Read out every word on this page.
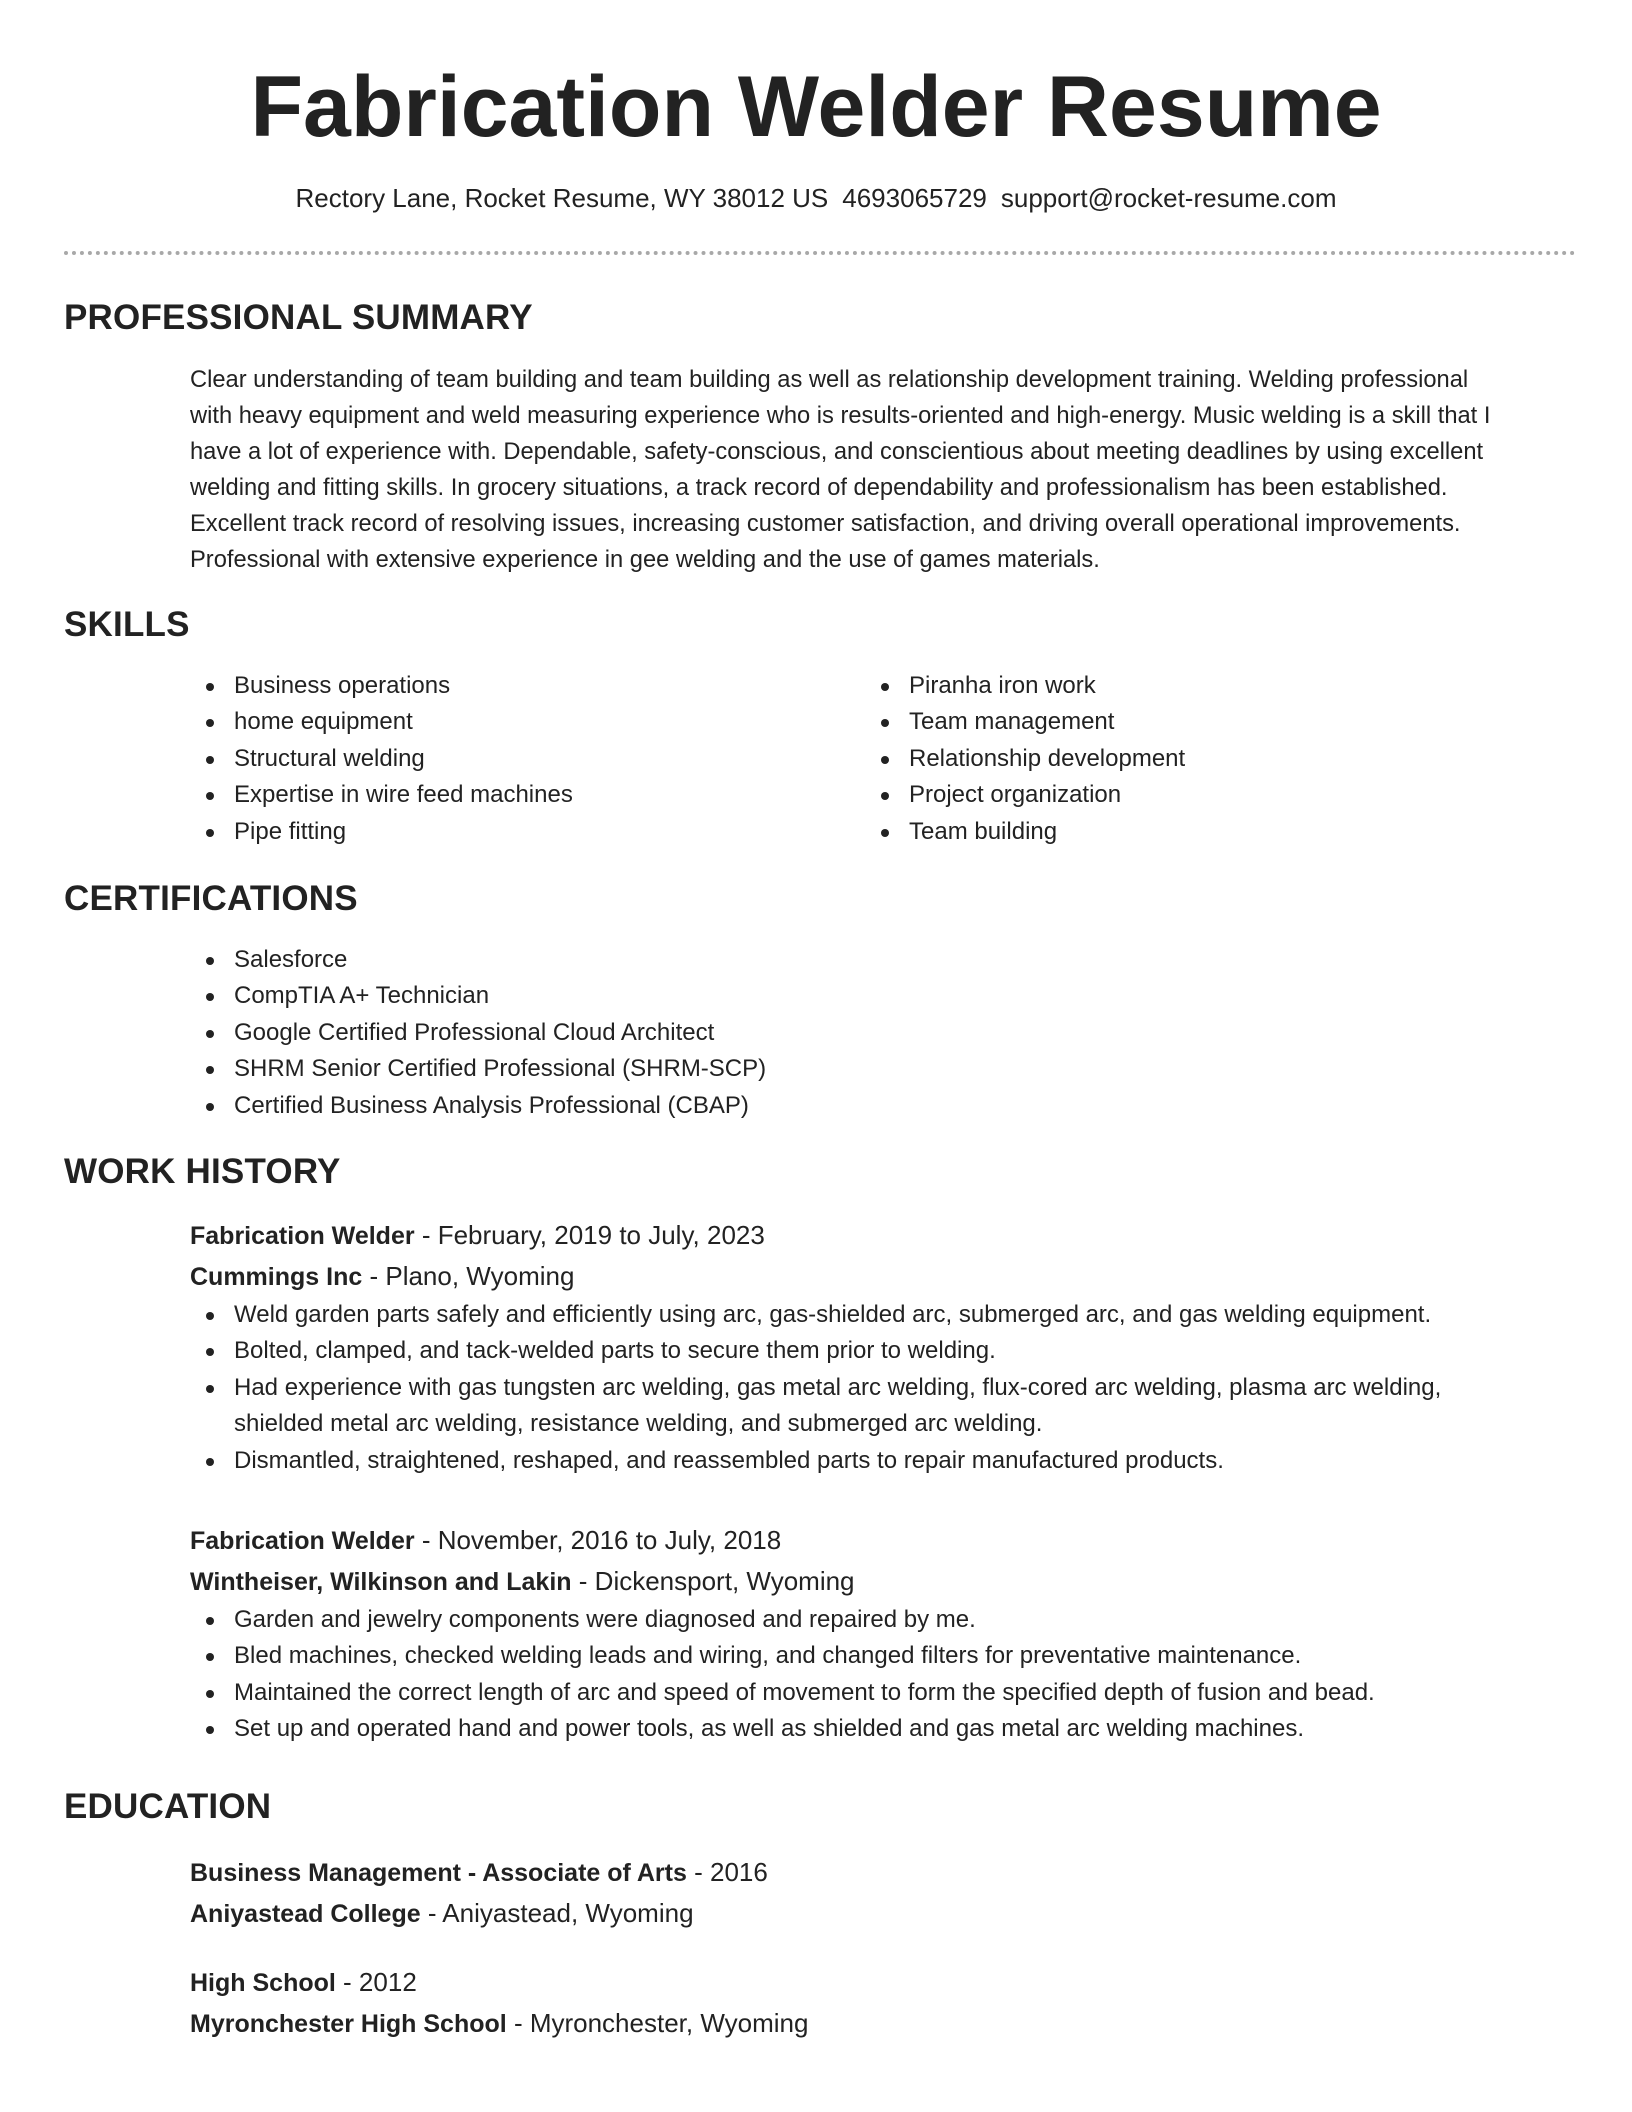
Fabrication Welder Resume
Rectory Lane, Rocket Resume, WY 38012 US 4693065729 support@rocket-resume.com
PROFESSIONAL SUMMARY

Clear understanding of team building and team building as well as relationship development training. Welding professional

with heavy equipment and weld measuring experience who is results-oriented and high-energy. Music welding is a skill that I

have a lot of experience with. Dependable, safety-conscious, and conscientious about meeting deadlines by using excellent

welding and fitting skills. In grocery situations, a track record of dependability and professionalism has been established.

Excellent track record of resolving issues, increasing customer satisfaction, and driving overall operational improvements.

Professional with extensive experience in gee welding and the use of games materials.

SKILLS
Business operations
home equipment
Structural welding
Expertise in wire feed machines
Pipe fitting
Piranha iron work
Team management
Relationship development
Project organization
Team building
CERTIFICATIONS
Salesforce
CompTIA A+ Technician
Google Certified Professional Cloud Architect
SHRM Senior Certified Professional (SHRM-SCP)
Certified Business Analysis Professional (CBAP)
WORK HISTORY
Fabrication Welder - February, 2019 to July, 2023
Cummings Inc - Plano, Wyoming
Weld garden parts safely and efficiently using arc, gas-shielded arc, submerged arc, and gas welding equipment.
Bolted, clamped, and tack-welded parts to secure them prior to welding.
Had experience with gas tungsten arc welding, gas metal arc welding, flux-cored arc welding, plasma arc welding, shielded metal arc welding, resistance welding, and submerged arc welding.
Dismantled, straightened, reshaped, and reassembled parts to repair manufactured products.
Fabrication Welder - November, 2016 to July, 2018
Wintheiser, Wilkinson and Lakin - Dickensport, Wyoming
Garden and jewelry components were diagnosed and repaired by me.
Bled machines, checked welding leads and wiring, and changed filters for preventative maintenance.
Maintained the correct length of arc and speed of movement to form the specified depth of fusion and bead.
Set up and operated hand and power tools, as well as shielded and gas metal arc welding machines.
EDUCATION
Business Management - Associate of Arts - 2016
Aniyastead College - Aniyastead, Wyoming
High School - 2012
Myronchester High School - Myronchester, Wyoming
